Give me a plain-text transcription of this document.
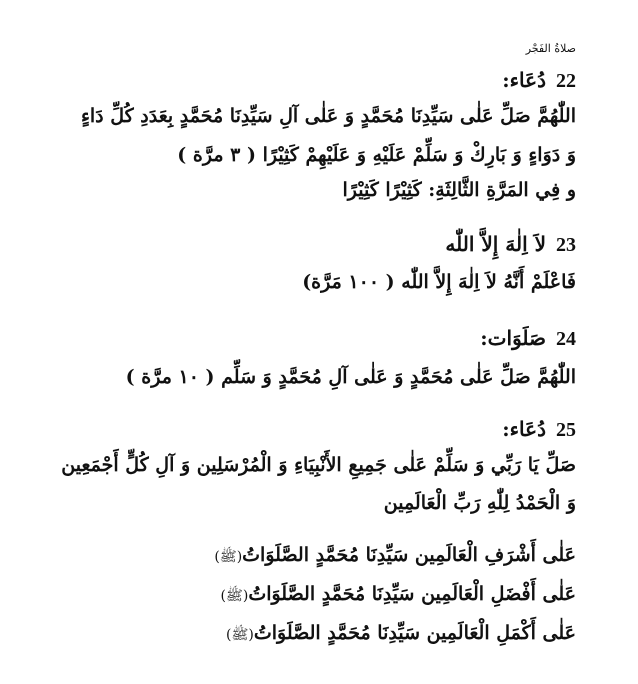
صلاةُ الفَجْر
22دُعَاء:
اللّٰهُمَّ صَلِّ عَلٰى سَيِّدِنَا مُحَمَّدٍ وَ عَلٰى آلِ سَيِّدِنَا مُحَمَّدٍ بِعَدَدِ كُلِّ دَاءٍ
وَ دَوَاءٍ وَ بَارِكْ وَ سَلِّمْ عَلَيْهِ وَ عَلَيْهِمْ كَثِيْرًا ( ٣ مرَّة )
و فِي المَرَّةِ الثَّالِثَةِ: كَثِيْرًا كَثِيْرًا
23لاَ اِلٰهَ إِلاَّ اللّٰه
فَاعْلَمْ أَنَّهُ لاَ اِلٰهَ إِلاَّ اللّٰه ( ١٠٠ مَرَّة)
24صَلَوَات:
اللّٰهُمَّ صَلِّ عَلٰى مُحَمَّدٍ وَ عَلٰى آلِ مُحَمَّدٍ وَ سَلِّم ( ١٠ مرَّة )
25دُعَاء:
صَلِّ يَا رَبِّي وَ سَلِّمْ عَلٰى جَمِيعِ الأَنْبِيَاءِ وَ الْمُرْسَلِين وَ آلِ كُلٍّ أَجْمَعِين
وَ الْحَمْدُ لِلّٰهِ رَبِّ الْعَالَمِين
عَلٰى أَشْرَفِ الْعَالَمِين سَيِّدِنَا مُحَمَّدٍ الصَّلَوَاتُ(ﷺ)
عَلٰى أَفْضَلِ الْعَالَمِين سَيِّدِنَا مُحَمَّدٍ الصَّلَوَاتُ(ﷺ)
عَلٰى أَكْمَلِ الْعَالَمِين سَيِّدِنَا مُحَمَّدٍ الصَّلَوَاتُ(ﷺ)
